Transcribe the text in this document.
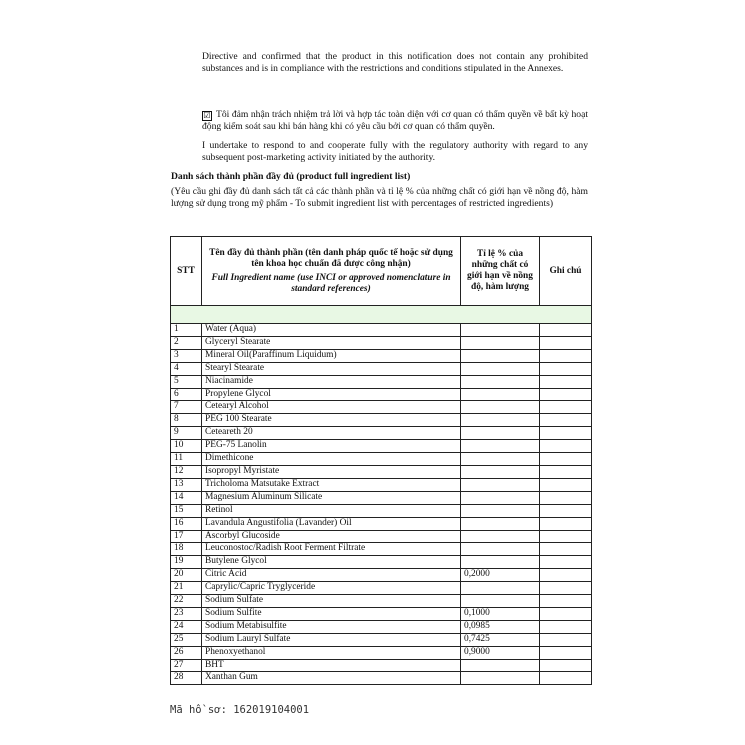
Directive and confirmed that the product in this notification does not contain any prohibited substances and is in compliance with the restrictions and conditions stipulated in the Annexes.
☑ Tôi đảm nhận trách nhiệm trả lời và hợp tác toàn diện với cơ quan có thẩm quyền về bất kỳ hoạt động kiểm soát sau khi bán hàng khi có yêu cầu bởi cơ quan có thẩm quyền.
I undertake to respond to and cooperate fully with the regulatory authority with regard to any subsequent post-marketing activity initiated by the authority.
Danh sách thành phần đầy đủ (product full ingredient list)
(Yêu cầu ghi đầy đủ danh sách tất cả các thành phần và tỉ lệ % của những chất có giới hạn về nồng độ, hàm lượng sử dụng trong mỹ phẩm - To submit ingredient list with percentages of restricted ingredients)
STT	Tên đầy đủ thành phần (tên danh pháp quốc tế hoặc sử dụng tên khoa học chuẩn đã được công nhận)
Full Ingredient name (use INCI or approved nomenclature in standard references)	Tỉ lệ % của những chất có giới hạn về nồng độ, hàm lượng	Ghi chú

1	Water (Aqua)		
2	Glyceryl Stearate		
3	Mineral Oil(Paraffinum Liquidum)		
4	Stearyl Stearate		
5	Niacinamide		
6	Propylene Glycol		
7	Cetearyl Alcohol		
8	PEG 100 Stearate		
9	Ceteareth 20		
10	PEG-75 Lanolin		
11	Dimethicone		
12	Isopropyl Myristate		
13	Tricholoma Matsutake Extract		
14	Magnesium Aluminum Silicate		
15	Retinol		
16	Lavandula Angustifolia (Lavander) Oil		
17	Ascorbyl Glucoside		
18	Leuconostoc/Radish Root Ferment Filtrate		
19	Butylene Glycol		
20	Citric Acid	0,2000	
21	Caprylic/Capric Tryglyceride		
22	Sodium Sulfate		
23	Sodium Sulfite	0,1000	
24	Sodium Metabisulfite	0,0985	
25	Sodium Lauryl Sulfate	0,7425	
26	Phenoxyethanol	0,9000	
27	BHT		
28	Xanthan Gum		
Mã hồ sơ: 162019104001
